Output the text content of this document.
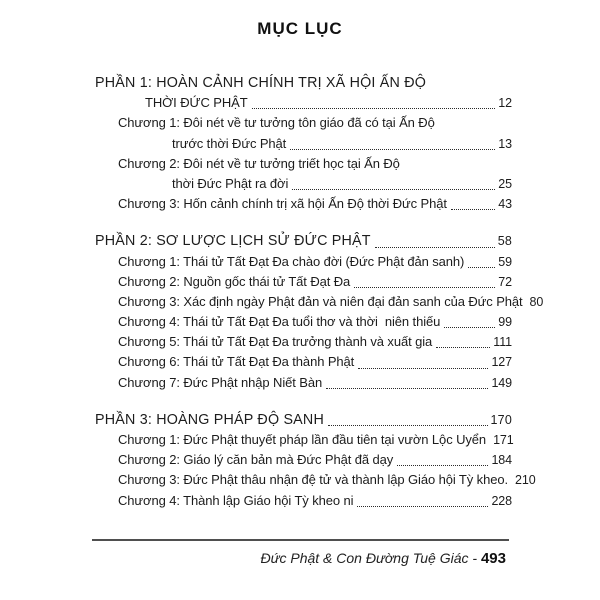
MỤC LỤC
PHẦN 1: HOÀN CẢNH CHÍNH TRỊ XÃ HỘI ẤN ĐỘ
THỜI ĐỨC PHẬT	12
Chương 1: Đôi nét về tư tưởng tôn giáo đã có tại Ấn Độ
trước thời Đức Phật	13
Chương 2: Đôi nét về tư tưởng triết học tại Ấn Độ
thời Đức Phật ra đời	25
Chương 3: Hốn cảnh chính trị xã hội Ấn Độ thời Đức Phật	43
PHẦN 2: SƠ LƯỢC LỊCH SỬ ĐỨC PHẬT	58
Chương 1: Thái tử Tất Đạt Đa chào đời (Đức Phật đản sanh)	59
Chương 2: Nguồn gốc thái tử Tất Đạt Đa	72
Chương 3: Xác định ngày Phật đản và niên đại đản sanh của Đức Phật 80
Chương 4: Thái tử Tất Đạt Đa tuổi thơ và thời  niên thiếu	99
Chương 5: Thái tử Tất Đạt Đa trưởng thành và xuất gia	111
Chương 6: Thái tử Tất Đạt Đa thành Phật	127
Chương 7: Đức Phật nhập Niết Bàn	149
PHẦN 3: HOÀNG PHÁP ĐỘ SANH	170
Chương 1: Đức Phật thuyết pháp lần đầu tiên tại vườn Lộc Uyển 171
Chương 2: Giáo lý căn bản mà Đức Phật đã dạy	184
Chương 3: Đức Phật thâu nhận đệ tử và thành lập Giáo hội Tỳ kheo. 210
Chương 4: Thành lập Giáo hội Tỳ kheo ni	228
Đức Phật & Con Đường Tuệ Giác - 493
